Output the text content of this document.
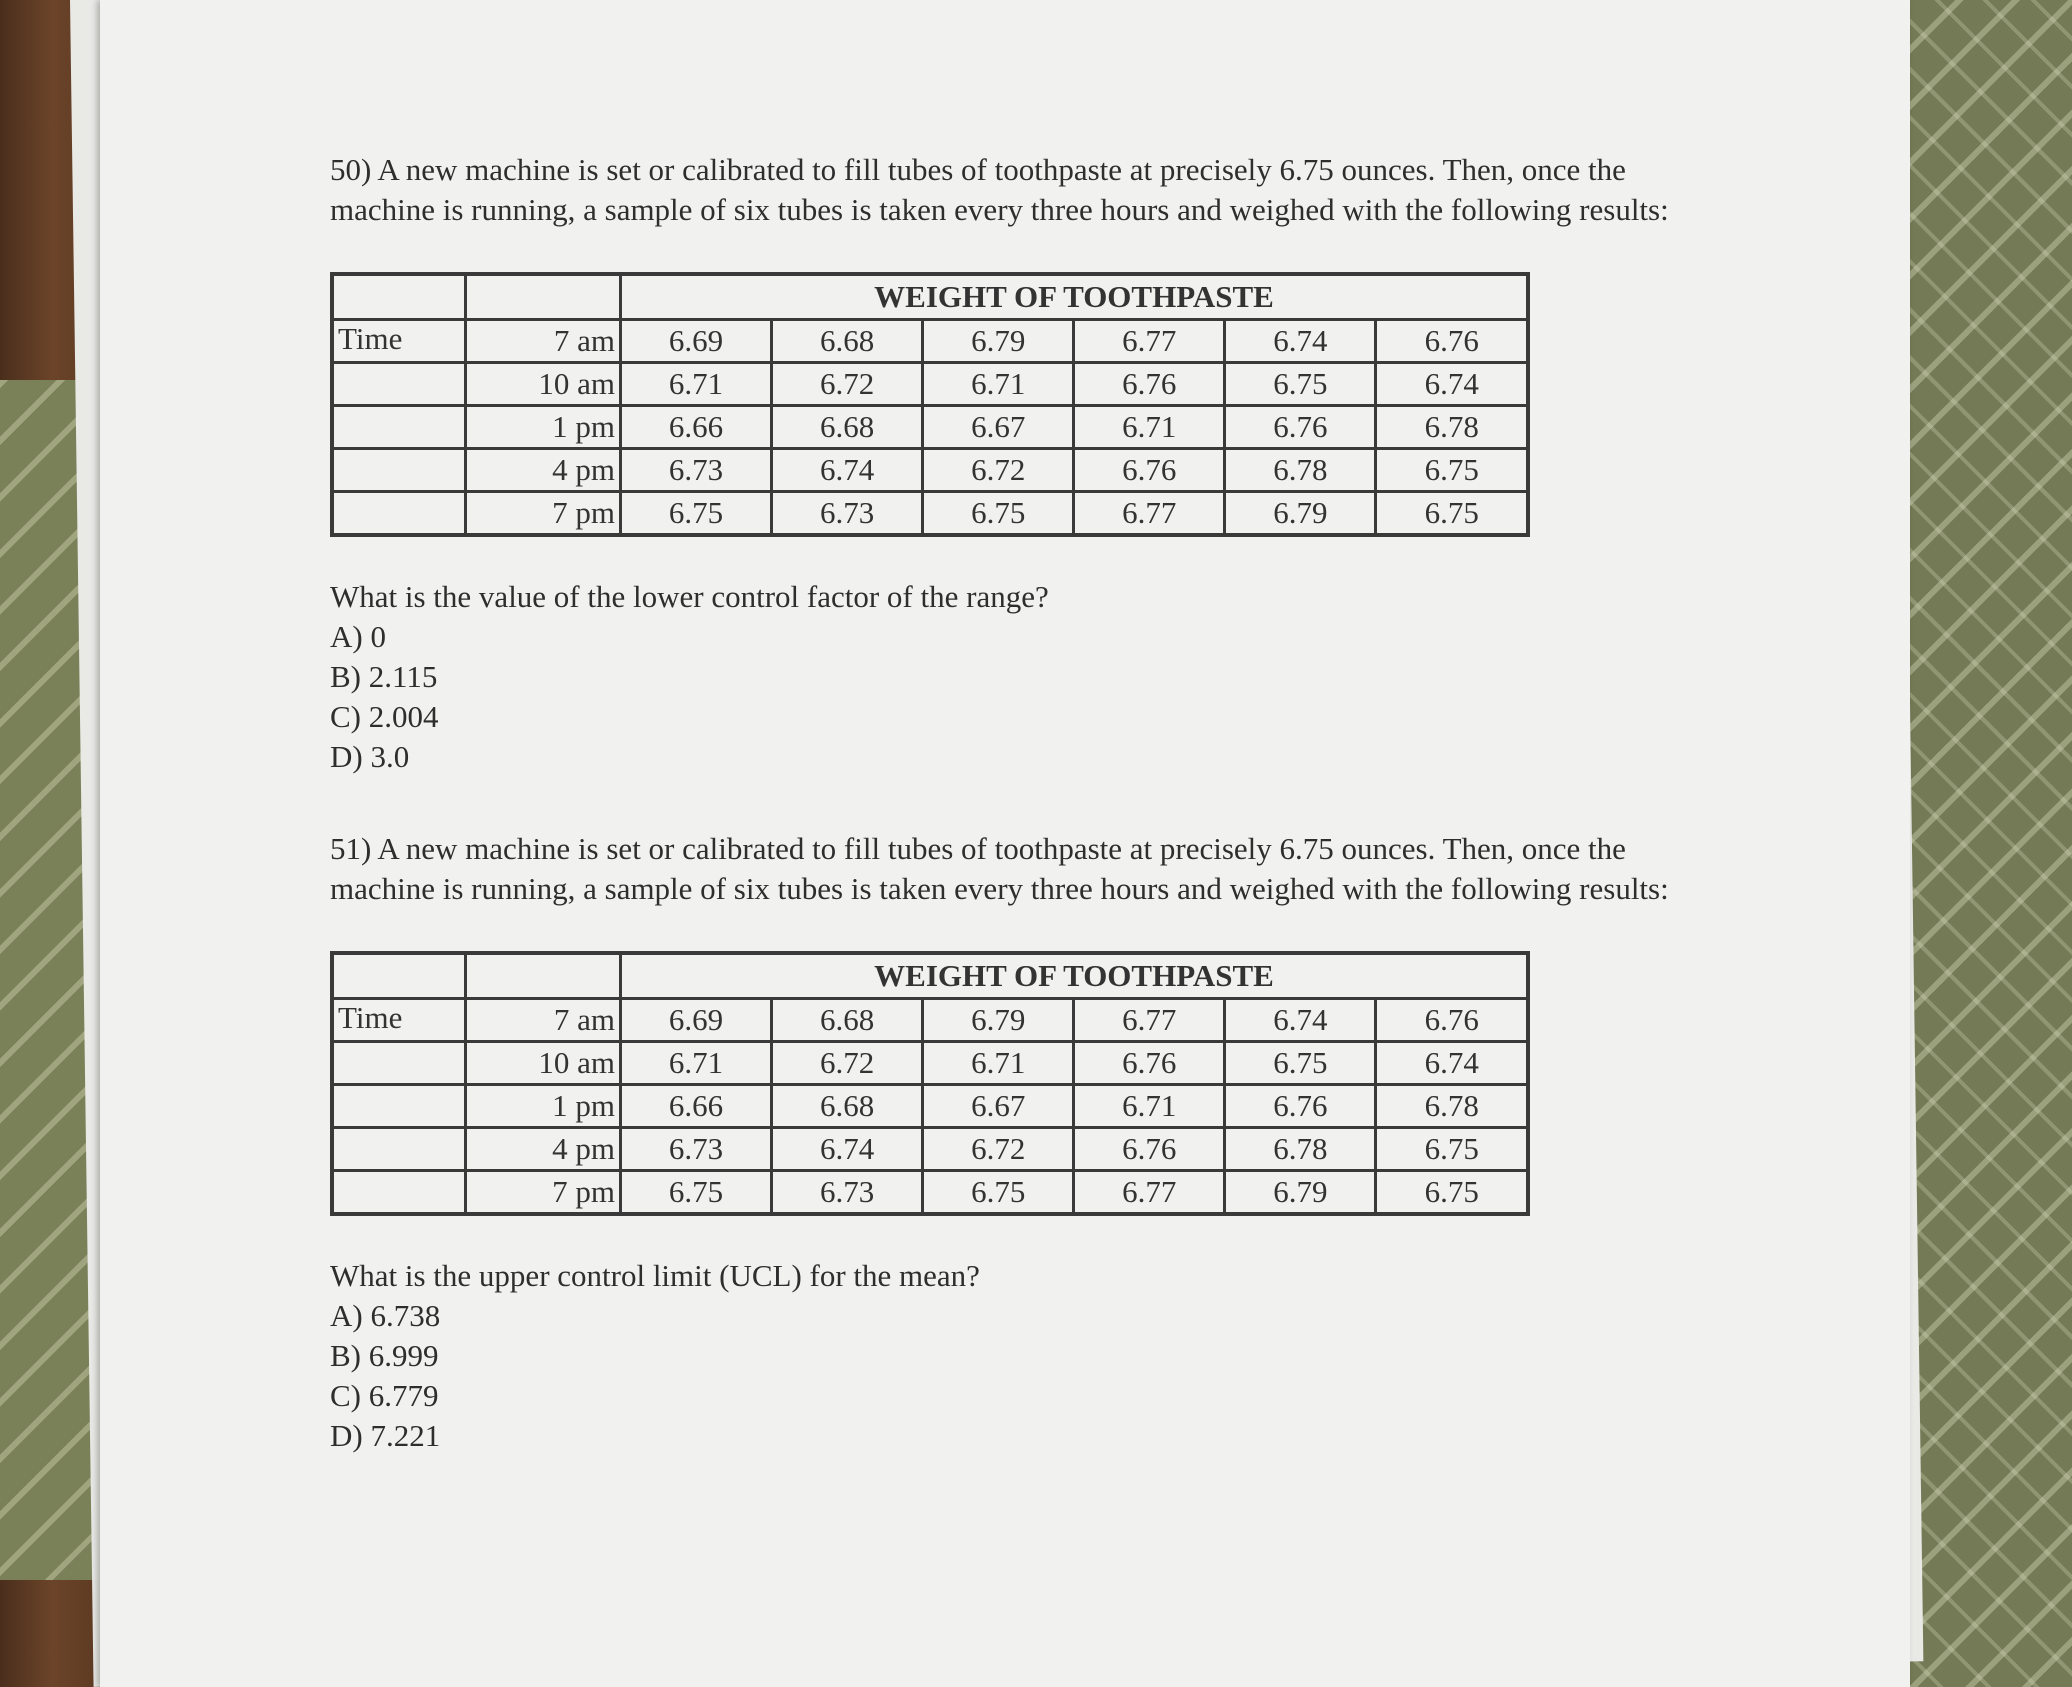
50) A new machine is set or calibrated to fill tubes of toothpaste at precisely 6.75 ounces. Then, once the machine is running, a sample of six tubes is taken every three hours and weighed with the following results:

		WEIGHT OF TOOTHPASTE					
Time	7 am	6.69	6.68	6.79	6.77	6.74	6.76
	10 am	6.71	6.72	6.71	6.76	6.75	6.74
	1 pm	6.66	6.68	6.67	6.71	6.76	6.78
	4 pm	6.73	6.74	6.72	6.76	6.78	6.75
	7 pm	6.75	6.73	6.75	6.77	6.79	6.75

What is the value of the lower control factor of the range?

A) 0

B) 2.115

C) 2.004

D) 3.0

51) A new machine is set or calibrated to fill tubes of toothpaste at precisely 6.75 ounces. Then, once the machine is running, a sample of six tubes is taken every three hours and weighed with the following results:

		WEIGHT OF TOOTHPASTE					
Time	7 am	6.69	6.68	6.79	6.77	6.74	6.76
	10 am	6.71	6.72	6.71	6.76	6.75	6.74
	1 pm	6.66	6.68	6.67	6.71	6.76	6.78
	4 pm	6.73	6.74	6.72	6.76	6.78	6.75
	7 pm	6.75	6.73	6.75	6.77	6.79	6.75

What is the upper control limit (UCL) for the mean?

A) 6.738

B) 6.999

C) 6.779

D) 7.221
